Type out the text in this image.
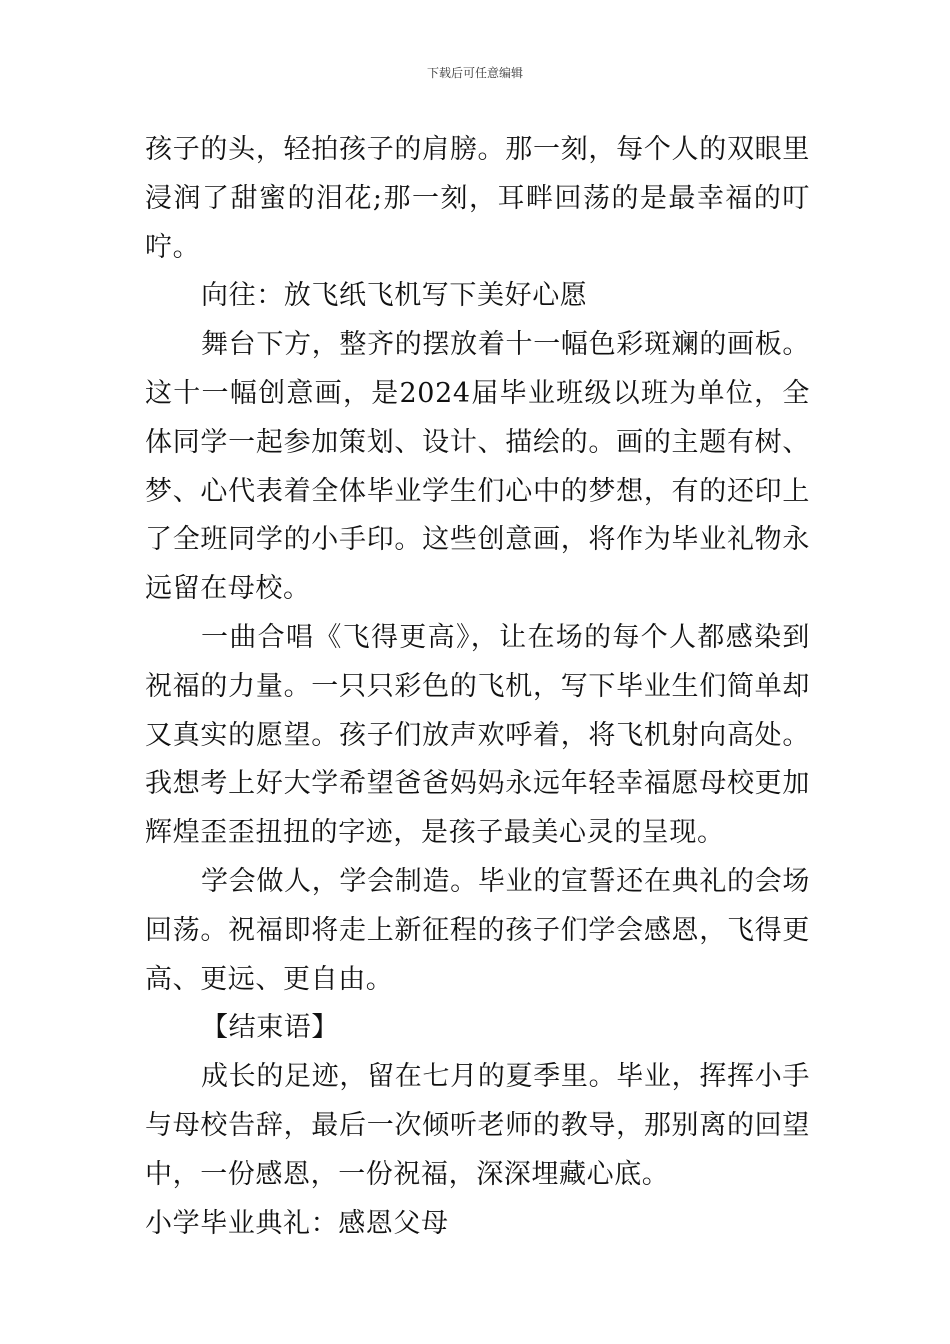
下载后可任意编辑

孩子的头，轻拍孩子的肩膀。那一刻，每个人的双眼里浸润了甜蜜的泪花;那一刻，耳畔回荡的是最幸福的叮咛。

向往：放飞纸飞机写下美好心愿

舞台下方，整齐的摆放着十一幅色彩斑斓的画板。这十一幅创意画，是2024届毕业班级以班为单位，全体同学一起参加策划、设计、描绘的。画的主题有树、梦、心代表着全体毕业学生们心中的梦想，有的还印上了全班同学的小手印。这些创意画，将作为毕业礼物永远留在母校。

一曲合唱《飞得更高》，让在场的每个人都感染到祝福的力量。一只只彩色的飞机，写下毕业生们简单却又真实的愿望。孩子们放声欢呼着，将飞机射向高处。我想考上好大学希望爸爸妈妈永远年轻幸福愿母校更加辉煌歪歪扭扭的字迹，是孩子最美心灵的呈现。

学会做人，学会制造。毕业的宣誓还在典礼的会场回荡。祝福即将走上新征程的孩子们学会感恩，飞得更高、更远、更自由。

【结束语】

成长的足迹，留在七月的夏季里。毕业，挥挥小手与母校告辞，最后一次倾听老师的教导，那别离的回望中，一份感恩，一份祝福，深深埋藏心底。

小学毕业典礼：感恩父母
